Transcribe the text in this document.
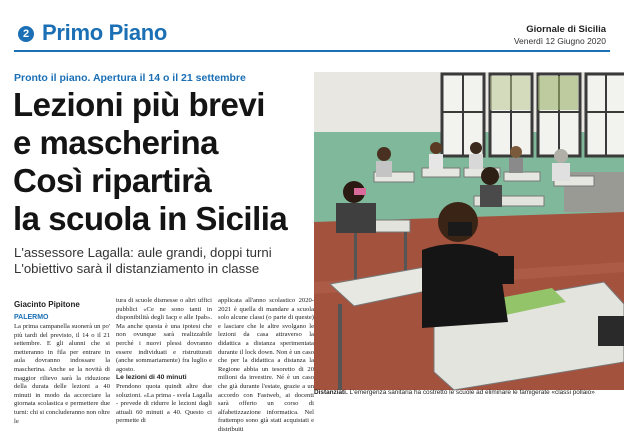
2 Primo Piano	Giornale di Sicilia
Venerdì 12 Giugno 2020
Pronto il piano. Apertura il 14 o il 21 settembre
Lezioni più brevi
e mascherina
Così ripartirà
la scuola in Sicilia
L'assessore Lagalla: aule grandi, doppi turni
L'obiettivo sarà il distanziamento in classe
Giacinto Pipitone
PALERMO

La prima campanella suonerà un po' più tardi del previsto, il 14 o il 21 settembre. E gli alunni che si metteranno in fila per entrare in aula dovranno indossare la mascherina. Anche se la novità di maggior rilievo sarà la riduzione della durata delle lezioni a 40 minuti in modo da accorciare la giornata scolastica e permettere due turni: chi si concluderanno non oltre le

tura di scuole dismesse o altri uffici pubblici «Ce ne sono tanti in disponibilità degli Iacp e alle Ipab». Ma anche questa è una ipotesi che non ovunque sarà realizzabile perché i nuovi plessi dovranno essere individuati e ristrutturati (anche sommariamente) fra luglio e agosto.

Le lezioni di 40 minuti

Prendono quota quindi altre due soluzioni. «La prima - svela Lagalla - prevede di ridurre le lezioni dagli attuali 60 minuti a 40. Questo ci permette di

applicata all'anno scolastico 2020-2021 è quella di mandare a scuola solo alcune classi (o parte di queste) e lasciare che le altre svolgano le lezioni da casa attraverso la didattica a distanza sperimentata durante il lock down. Non è un caso che per la didattica a distanza la Regione abbia un tesoretto di 20 milioni da investire. Né è un caso che già durante l'estate, grazie a un accordo con Fastweb, ai docenti sarà offerto un corso di alfabetizzazione informatica. Nel frattempo sono già stati acquistati e distribuiti

Distanziati. L'emergenza sanitaria ha costretto le scuole ad eliminare le famigerate «classi pollaio»
